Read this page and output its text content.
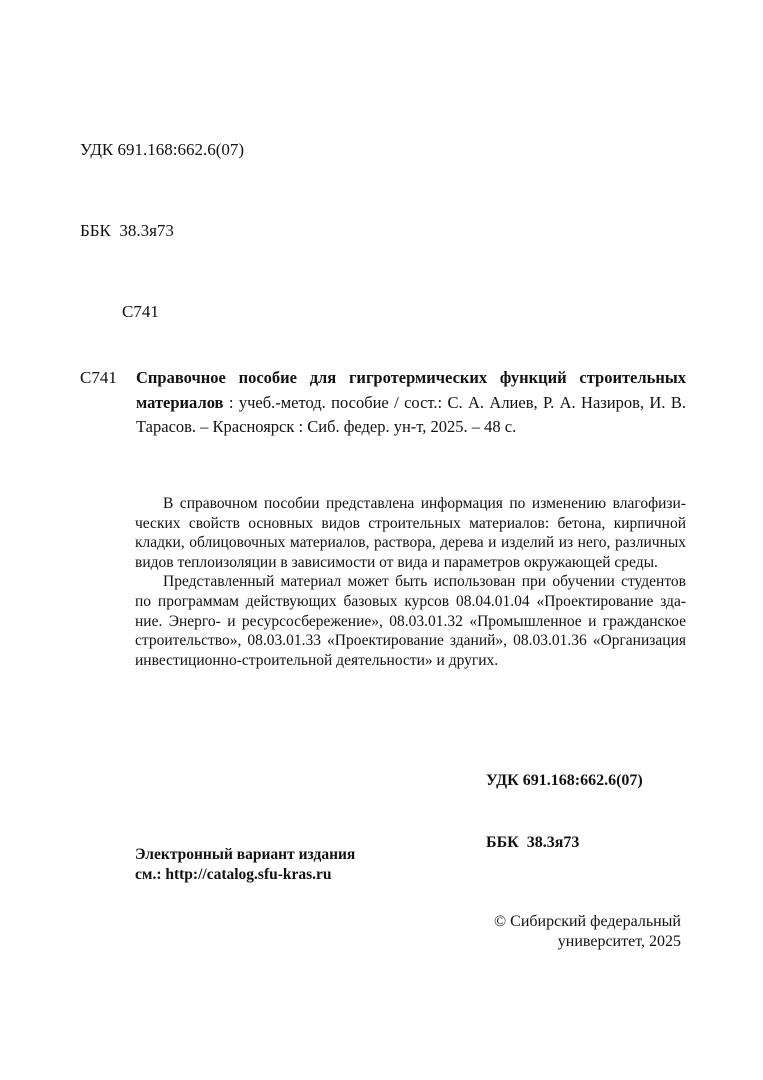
УДК 691.168:662.6(07)

ББК  38.3я73

С741

С741 Справочное пособие для гигротермических функций строительных материалов : учеб.-метод. пособие / сост.: С. А. Алиев, Р. А. Назиров, И. В. Тарасов. – Красноярск : Сиб. федер. ун-т, 2025. – 48 с.

В справочном пособии представлена информация по изменению влагофизических свойств основных видов строительных материалов: бетона, кирпичной кладки, облицовочных материалов, раствора, дерева и изделий из него, различных видов теплоизоляции в зависимости от вида и параметров окружающей среды.

Представленный материал может быть использован при обучении студентов по программам действующих базовых курсов 08.04.01.04 «Проектирование здание. Энерго- и ресурсосбережение», 08.03.01.32 «Промышленное и гражданское строительство», 08.03.01.33 «Проектирование зданий», 08.03.01.36 «Организация инвестиционно-строительной деятельности» и других.

УДК 691.168:662.6(07)

ББК  38.3я73

Электронный вариант издания
см.: http://catalog.sfu-kras.ru
© Сибирский федеральный
университет, 2025
